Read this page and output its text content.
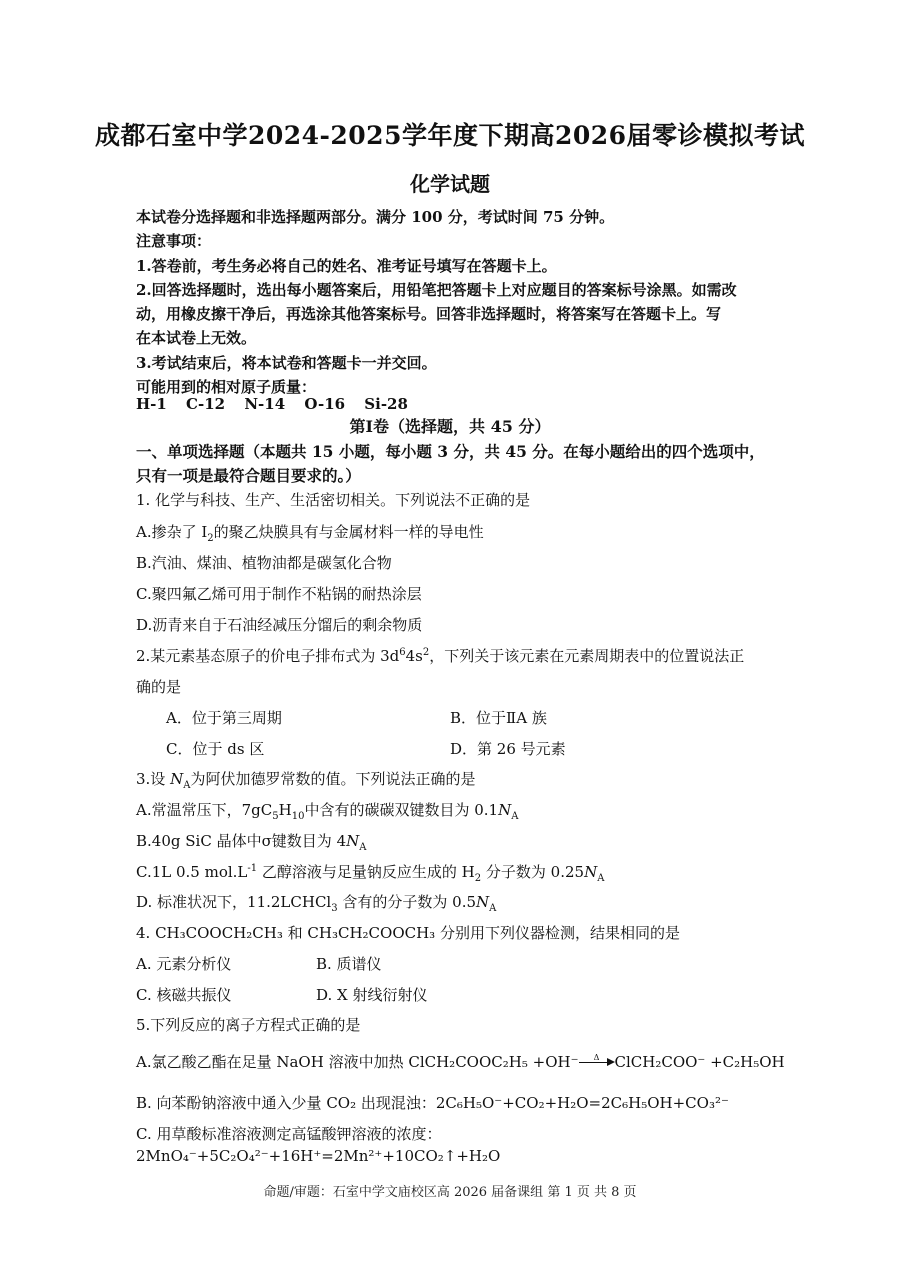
成都石室中学2024-2025学年度下期高2026届零诊模拟考试
化学试题

本试卷分选择题和非选择题两部分。满分 100 分，考试时间 75 分钟。

注意事项：

1.答卷前，考生务必将自己的姓名、准考证号填写在答题卡上。

2.回答选择题时，选出每小题答案后，用铅笔把答题卡上对应题目的答案标号涂黑。如需改

动，用橡皮擦干净后，再选涂其他答案标号。回答非选择题时，将答案写在答题卡上。写

在本试卷上无效。

3.考试结束后，将本试卷和答题卡一并交回。

可能用到的相对原子质量：

H-1 C-12 N-14 O-16 Si-28
第Ⅰ卷（选择题，共 45 分）
一、单项选择题（本题共 15 小题，每小题 3 分，共 45 分。在每小题给出的四个选项中，
只有一项是最符合题目要求的。）
1. 化学与科技、生产、生活密切相关。下列说法不正确的是
A.掺杂了 $I_2$的聚乙炔膜具有与金属材料一样的导电性
B.汽油、煤油、植物油都是碳氢化合物
C.聚四氟乙烯可用于制作不粘锅的耐热涂层
D.沥青来自于石油经减压分馏后的剩余物质
2.某元素基态原子的价电子排布式为 $3d^64s^2$，下列关于该元素在元素周期表中的位置说法正
确的是
A．位于第三周期	B．位于ⅡA 族
C．位于 ds 区	D．第 26 号元素
3.设 $N_A$为阿伏加德罗常数的值。下列说法正确的是
A.常温常压下，$7gC_5H_{10}$中含有的碳碳双键数目为 $0.1N_A$
B.40g SiC 晶体中σ键数目为 $4N_A$
C.1L 0.5 $mol.L^{-1}$ 乙醇溶液与足量钠反应生成的 $H_2$ 分子数为 $0.25N_A$
D. 标准状况下，11.2LCHCl$_3$ 含有的分子数为 $0.5N_A$
4. CH₃COOCH₂CH₃ 和 CH₃CH₂COOCH₃ 分别用下列仪器检测，结果相同的是
A. 元素分析仪	B. 质谱仪
C. 核磁共振仪	D. X 射线衍射仪
5.下列反应的离子方程式正确的是
A.氯乙酸乙酯在足量 NaOH 溶液中加热 ClCH₂COOC₂H₅ +OH⁻	Δ	ClCH₂COO⁻ +C₂H₅OH
B. 向苯酚钠溶液中通入少量 CO₂ 出现混浊：2C₆H₅O⁻+CO₂+H₂O=2C₆H₅OH+CO₃²⁻
C. 用草酸标准溶液测定高锰酸钾溶液的浓度：2MnO₄⁻+5C₂O₄²⁻+16H⁺=2Mn²⁺+10CO₂↑+H₂O
命题/审题：石室中学文庙校区高 2026 届备课组 第 1 页 共 8 页
